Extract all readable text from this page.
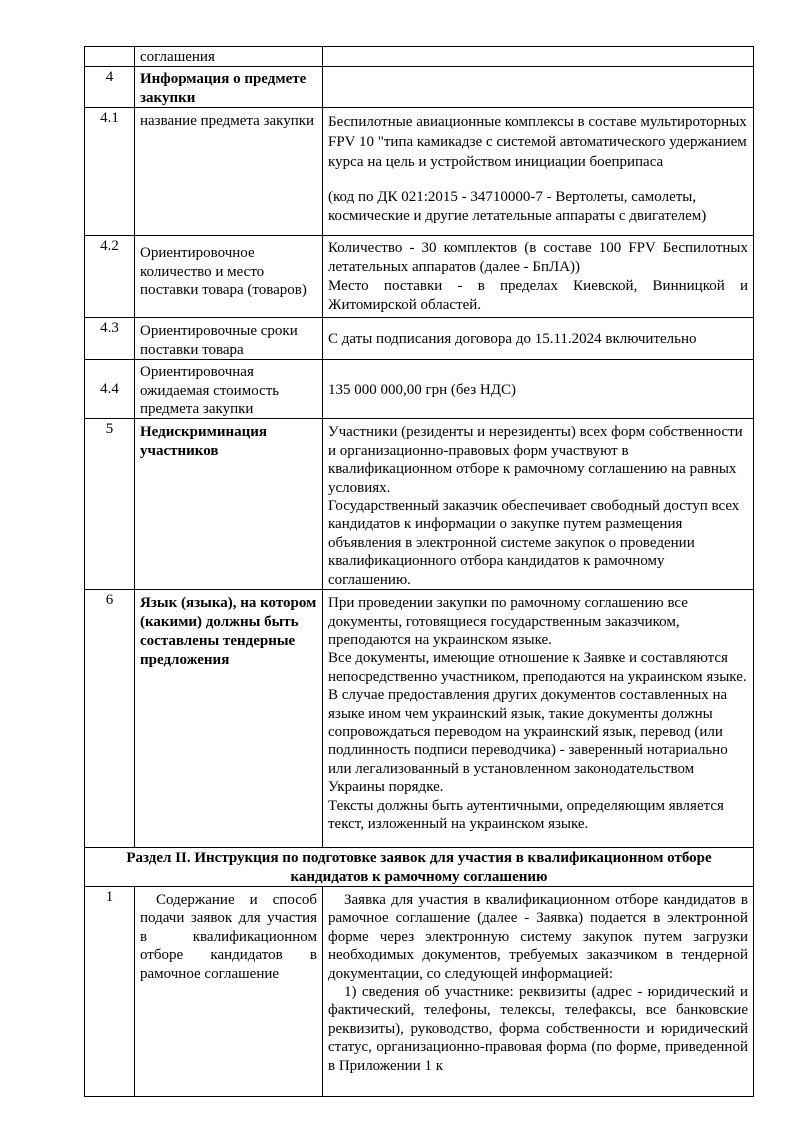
	соглашения	
4	Информация о предмете закупки	
4.1	название предмета закупки	Беспилотные авиационные комплексы в составе мультироторных FPV 10 "типа камикадзе с системой автоматического удержанием курса на цель и устройством инициации боеприпаса

(код по ДК 021:2015 - 34710000-7 - Вертолеты, самолеты, космические и другие летательные аппараты с двигателем)

4.2	Ориентировочное количество и место поставки товара (товаров)	Количество - 30 комплектов (в составе 100 FPV Беспилотных летательных аппаратов (далее - БпЛА))

Место поставки - в пределах Киевской, Винницкой и Житомирской областей.

4.3	Ориентировочные сроки поставки товара	С даты подписания договора до 15.11.2024 включительно

4.4	Ориентировочная ожидаемая стоимость предмета закупки	135 000 000,00 грн (без НДС)

5	Недискриминация участников	Участники (резиденты и нерезиденты) всех форм собственности и организационно-правовых форм участвуют в квалификационном отборе к рамочному соглашению на равных условиях.

Государственный заказчик обеспечивает свободный доступ всех кандидатов к информации о закупке путем размещения объявления в электронной системе закупок о проведении квалификационного отбора кандидатов к рамочному соглашению.

6	Язык (языка), на котором (какими) должны быть составлены тендерные предложения	При проведении закупки по рамочному соглашению все документы, готовящиеся государственным заказчиком, преподаются на украинском языке.

Все документы, имеющие отношение к Заявке и составляются непосредственно участником, преподаются на украинском языке.

В случае предоставления других документов составленных на языке ином чем украинский язык, такие документы должны сопровождаться переводом на украинский язык, перевод (или подлинность подписи переводчика) - заверенный нотариально или легализованный в установленном законодательством Украины порядке.

Тексты должны быть аутентичными, определяющим является текст, изложенный на украинском языке.

Раздел II. Инструкция по подготовке заявок для участия в квалификационном отборе кандидатов к рамочному соглашению		
1	Содержание и способ подачи заявок для участия в квалификационном отборе кандидатов в рамочное соглашение	Заявка для участия в квалификационном отборе кандидатов в рамочное соглашение (далее - Заявка) подается в электронной форме через электронную систему закупок путем загрузки необходимых документов, требуемых заказчиком в тендерной документации, со следующей информацией:

1) сведения об участнике: реквизиты (адрес - юридический и фактический, телефоны, телексы, телефаксы, все банковские реквизиты), руководство, форма собственности и юридический статус, организационно-правовая форма (по форме, приведенной в Приложении 1 к
